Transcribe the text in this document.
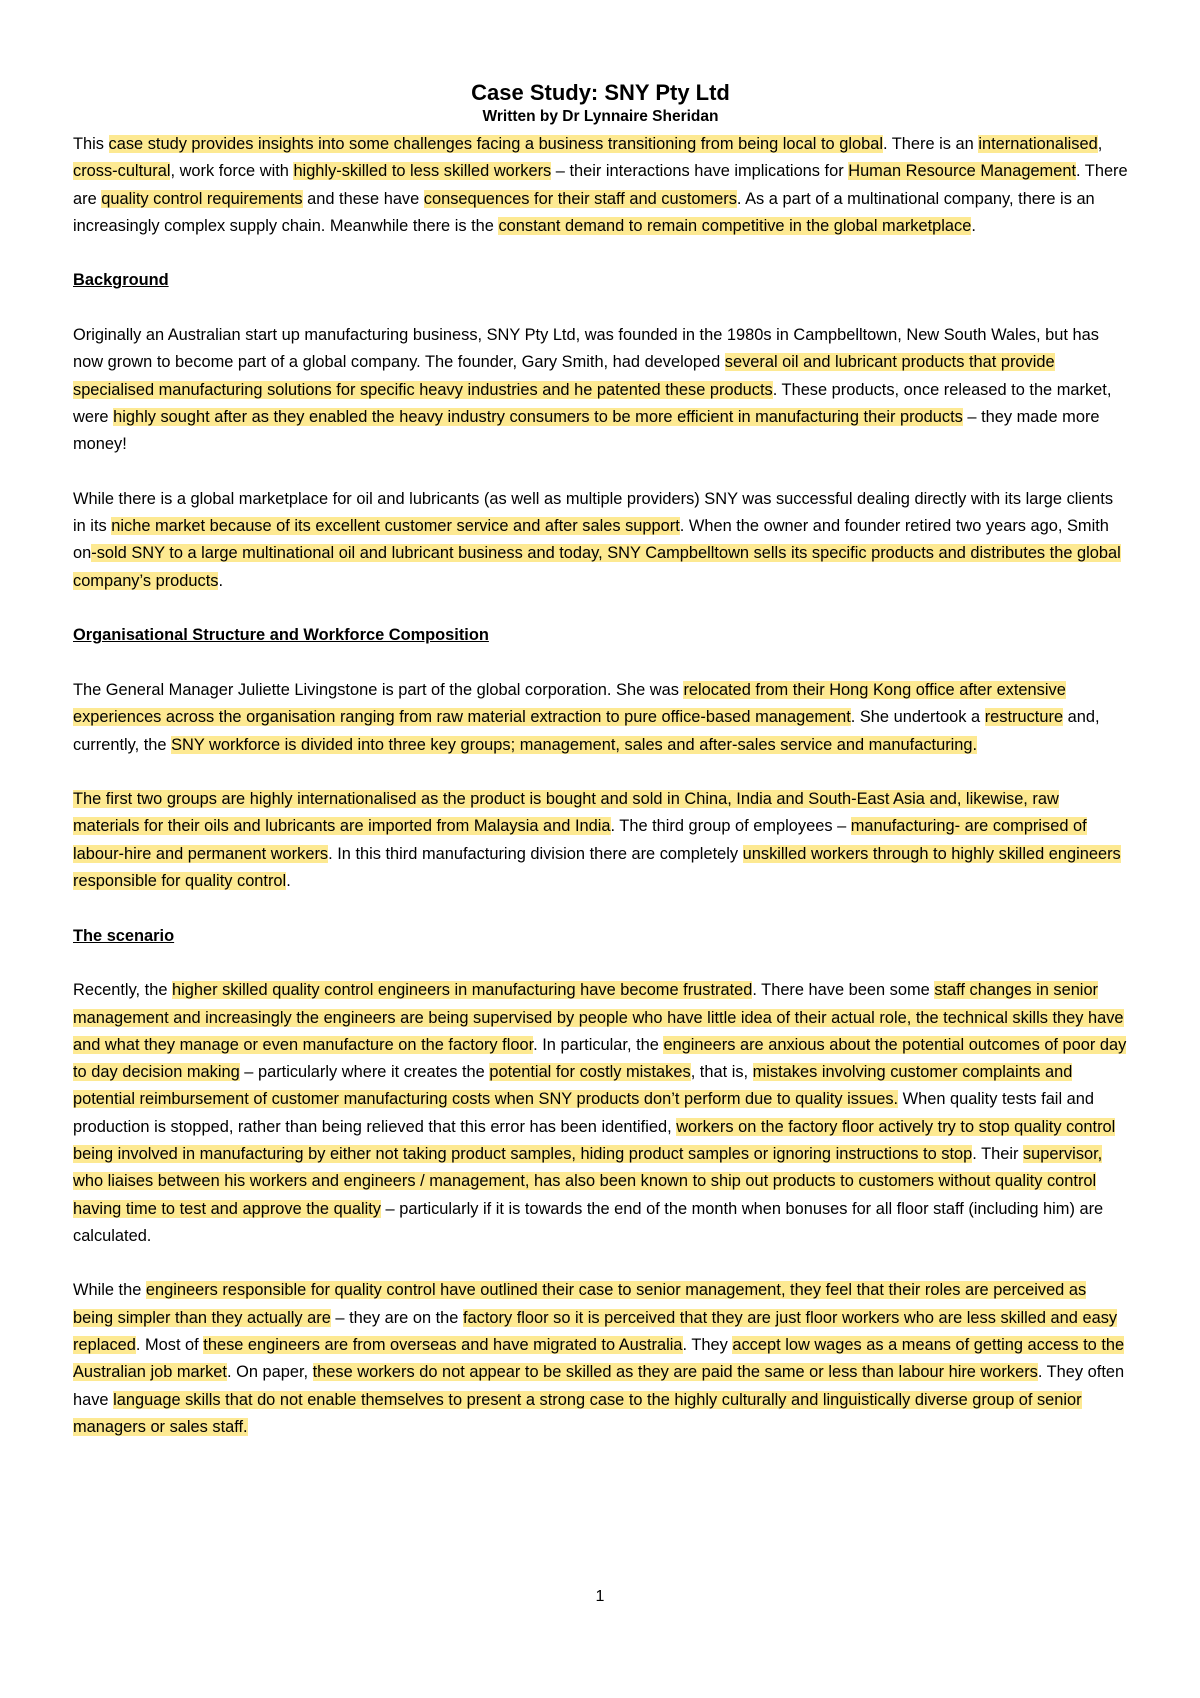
Case Study: SNY Pty Ltd
Written by Dr Lynnaire Sheridan
This case study provides insights into some challenges facing a business transitioning from being local to global. There is an internationalised, cross-cultural, work force with highly-skilled to less skilled workers – their interactions have implications for Human Resource Management. There are quality control requirements and these have consequences for their staff and customers. As a part of a multinational company, there is an increasingly complex supply chain. Meanwhile there is the constant demand to remain competitive in the global marketplace.
Background
Originally an Australian start up manufacturing business, SNY Pty Ltd, was founded in the 1980s in Campbelltown, New South Wales, but has now grown to become part of a global company. The founder, Gary Smith, had developed several oil and lubricant products that provide specialised manufacturing solutions for specific heavy industries and he patented these products. These products, once released to the market, were highly sought after as they enabled the heavy industry consumers to be more efficient in manufacturing their products – they made more money!
While there is a global marketplace for oil and lubricants (as well as multiple providers) SNY was successful dealing directly with its large clients in its niche market because of its excellent customer service and after sales support. When the owner and founder retired two years ago, Smith on-sold SNY to a large multinational oil and lubricant business and today, SNY Campbelltown sells its specific products and distributes the global company’s products.
Organisational Structure and Workforce Composition
The General Manager Juliette Livingstone is part of the global corporation. She was relocated from their Hong Kong office after extensive experiences across the organisation ranging from raw material extraction to pure office-based management. She undertook a restructure and, currently, the SNY workforce is divided into three key groups; management, sales and after-sales service and manufacturing.
The first two groups are highly internationalised as the product is bought and sold in China, India and South-East Asia and, likewise, raw materials for their oils and lubricants are imported from Malaysia and India. The third group of employees – manufacturing- are comprised of labour-hire and permanent workers. In this third manufacturing division there are completely unskilled workers through to highly skilled engineers responsible for quality control.
The scenario
Recently, the higher skilled quality control engineers in manufacturing have become frustrated. There have been some staff changes in senior management and increasingly the engineers are being supervised by people who have little idea of their actual role, the technical skills they have and what they manage or even manufacture on the factory floor. In particular, the engineers are anxious about the potential outcomes of poor day to day decision making – particularly where it creates the potential for costly mistakes, that is, mistakes involving customer complaints and potential reimbursement of customer manufacturing costs when SNY products don’t perform due to quality issues. When quality tests fail and production is stopped, rather than being relieved that this error has been identified, workers on the factory floor actively try to stop quality control being involved in manufacturing by either not taking product samples, hiding product samples or ignoring instructions to stop. Their supervisor, who liaises between his workers and engineers / management, has also been known to ship out products to customers without quality control having time to test and approve the quality – particularly if it is towards the end of the month when bonuses for all floor staff (including him) are calculated.
While the engineers responsible for quality control have outlined their case to senior management, they feel that their roles are perceived as being simpler than they actually are – they are on the factory floor so it is perceived that they are just floor workers who are less skilled and easy replaced. Most of these engineers are from overseas and have migrated to Australia. They accept low wages as a means of getting access to the Australian job market. On paper, these workers do not appear to be skilled as they are paid the same or less than labour hire workers. They often have language skills that do not enable themselves to present a strong case to the highly culturally and linguistically diverse group of senior managers or sales staff.
1
